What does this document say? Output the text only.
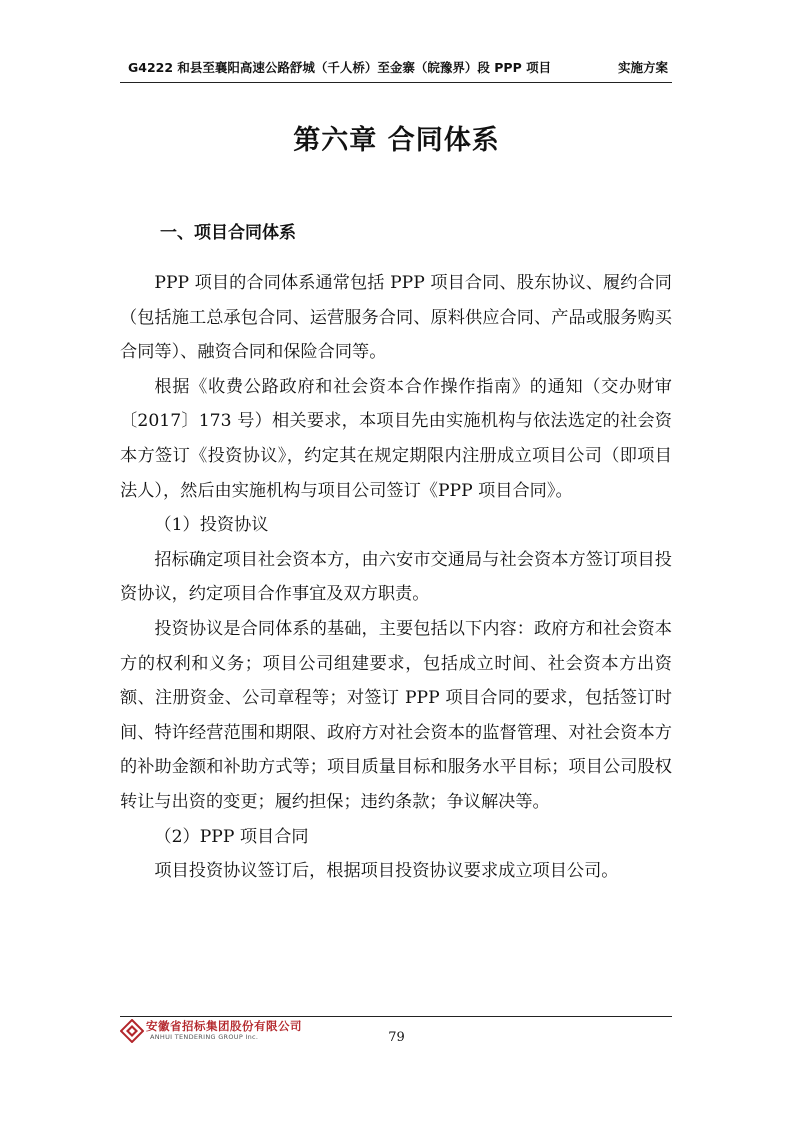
G4222 和县至襄阳高速公路舒城（千人桥）至金寨（皖豫界）段 PPP 项目	实施方案
第六章 合同体系
一、项目合同体系

PPP 项目的合同体系通常包括 PPP 项目合同、股东协议、履约合同（包括施工总承包合同、运营服务合同、原料供应合同、产品或服务购买合同等）、融资合同和保险合同等。

根据《收费公路政府和社会资本合作操作指南》的通知（交办财审〔2017〕173 号）相关要求，本项目先由实施机构与依法选定的社会资本方签订《投资协议》，约定其在规定期限内注册成立项目公司（即项目法人），然后由实施机构与项目公司签订《PPP 项目合同》。

（1）投资协议

招标确定项目社会资本方，由六安市交通局与社会资本方签订项目投资协议，约定项目合作事宜及双方职责。

投资协议是合同体系的基础，主要包括以下内容：政府方和社会资本方的权利和义务；项目公司组建要求，包括成立时间、社会资本方出资额、注册资金、公司章程等；对签订 PPP 项目合同的要求，包括签订时间、特许经营范围和期限、政府方对社会资本的监督管理、对社会资本方的补助金额和补助方式等；项目质量目标和服务水平目标；项目公司股权转让与出资的变更；履约担保；违约条款；争议解决等。

（2）PPP 项目合同

项目投资协议签订后，根据项目投资协议要求成立项目公司。

安徽省招标集团股份有限公司
ANHUI TENDERING GROUP Inc.	79
